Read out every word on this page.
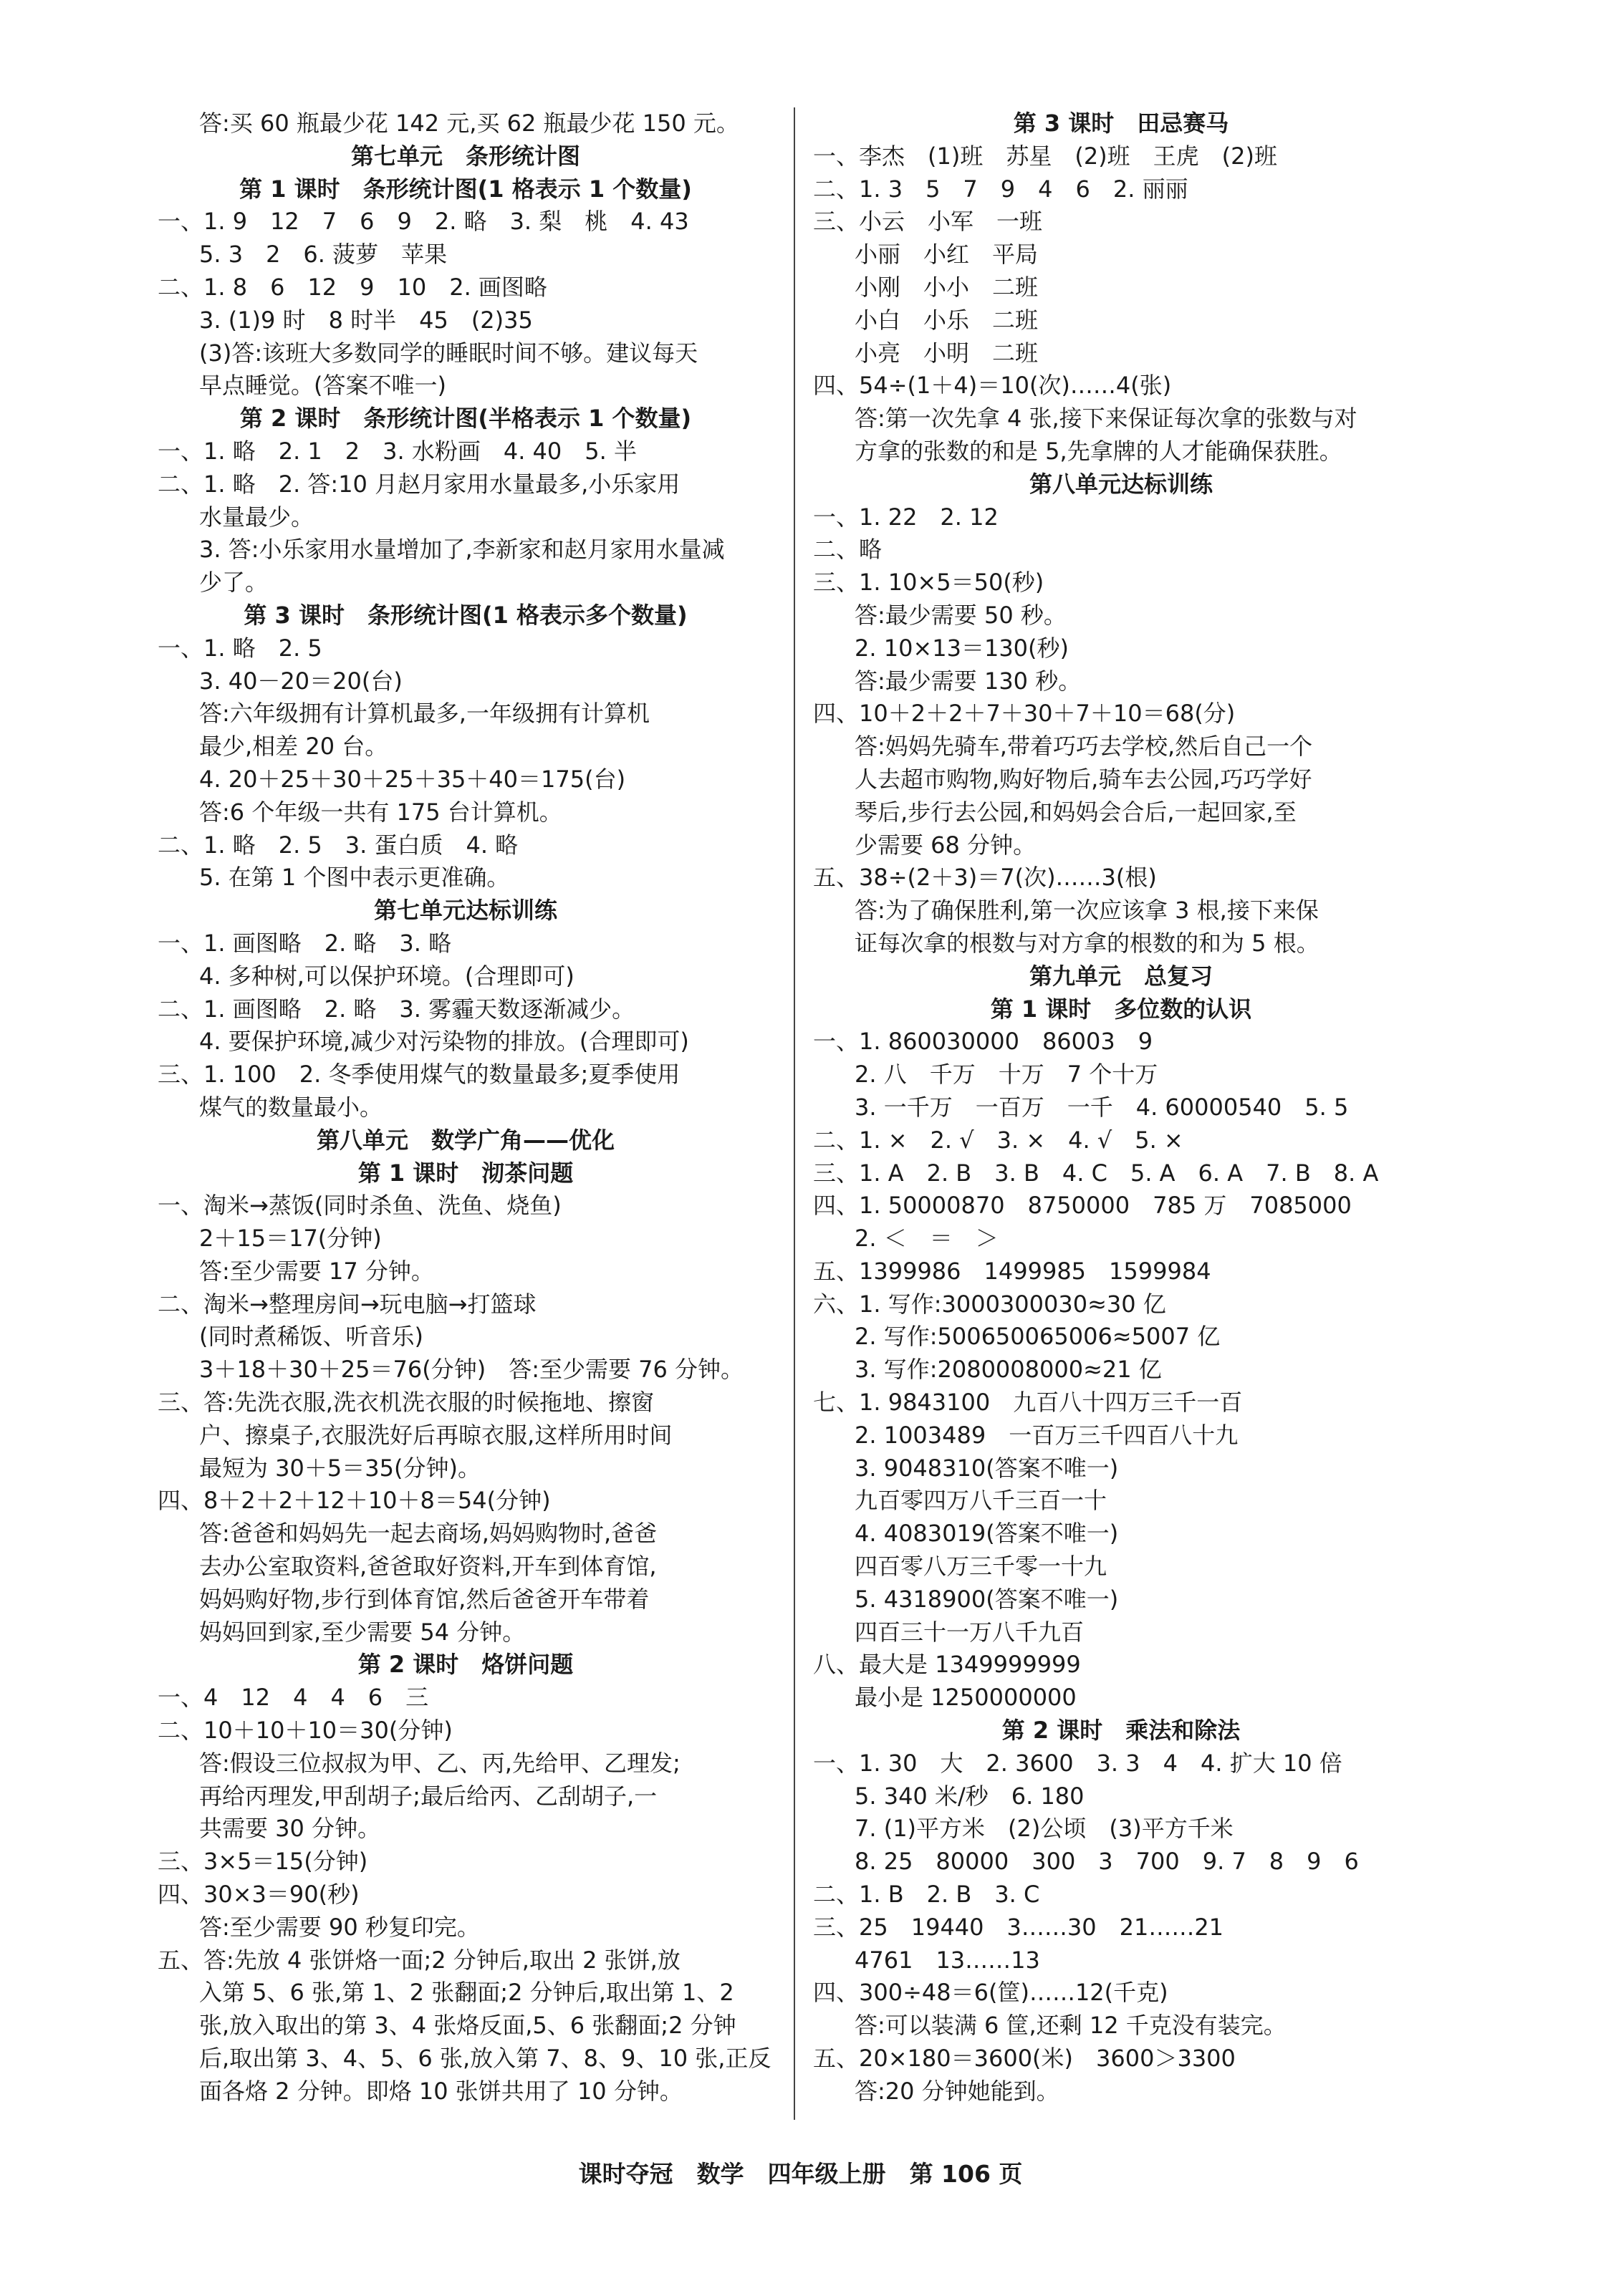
答:买 60 瓶最少花 142 元,买 62 瓶最少花 150 元。
第七单元　条形统计图
第 1 课时　条形统计图(1 格表示 1 个数量)
一、1. 9　12　7　6　9　2. 略　3. 梨　桃　4. 43
5. 3　2　6. 菠萝　苹果
二、1. 8　6　12　9　10　2. 画图略
3. (1)9 时　8 时半　45　(2)35
(3)答:该班大多数同学的睡眠时间不够。建议每天
早点睡觉。(答案不唯一)
第 2 课时　条形统计图(半格表示 1 个数量)
一、1. 略　2. 1　2　3. 水粉画　4. 40　5. 半
二、1. 略　2. 答:10 月赵月家用水量最多,小乐家用
水量最少。
3. 答:小乐家用水量增加了,李新家和赵月家用水量减
少了。
第 3 课时　条形统计图(1 格表示多个数量)
一、1. 略　2. 5
3. 40－20＝20(台)
答:六年级拥有计算机最多,一年级拥有计算机
最少,相差 20 台。
4. 20＋25＋30＋25＋35＋40＝175(台)
答:6 个年级一共有 175 台计算机。
二、1. 略　2. 5　3. 蛋白质　4. 略
5. 在第 1 个图中表示更准确。
第七单元达标训练
一、1. 画图略　2. 略　3. 略
4. 多种树,可以保护环境。(合理即可)
二、1. 画图略　2. 略　3. 雾霾天数逐渐减少。
4. 要保护环境,减少对污染物的排放。(合理即可)
三、1. 100　2. 冬季使用煤气的数量最多;夏季使用
煤气的数量最小。
第八单元　数学广角——优化
第 1 课时　沏茶问题
一、淘米→蒸饭(同时杀鱼、洗鱼、烧鱼)
2＋15＝17(分钟)
答:至少需要 17 分钟。
二、淘米→整理房间→玩电脑→打篮球
(同时煮稀饭、听音乐)
3＋18＋30＋25＝76(分钟)　答:至少需要 76 分钟。
三、答:先洗衣服,洗衣机洗衣服的时候拖地、擦窗
户、擦桌子,衣服洗好后再晾衣服,这样所用时间
最短为 30＋5＝35(分钟)。
四、8＋2＋2＋12＋10＋8＝54(分钟)
答:爸爸和妈妈先一起去商场,妈妈购物时,爸爸
去办公室取资料,爸爸取好资料,开车到体育馆,
妈妈购好物,步行到体育馆,然后爸爸开车带着
妈妈回到家,至少需要 54 分钟。
第 2 课时　烙饼问题
一、4　12　4　4　6　三
二、10＋10＋10＝30(分钟)
答:假设三位叔叔为甲、乙、丙,先给甲、乙理发;
再给丙理发,甲刮胡子;最后给丙、乙刮胡子,一
共需要 30 分钟。
三、3×5＝15(分钟)
四、30×3＝90(秒)
答:至少需要 90 秒复印完。
五、答:先放 4 张饼烙一面;2 分钟后,取出 2 张饼,放
入第 5、6 张,第 1、2 张翻面;2 分钟后,取出第 1、2
张,放入取出的第 3、4 张烙反面,5、6 张翻面;2 分钟
后,取出第 3、4、5、6 张,放入第 7、8、9、10 张,正反
面各烙 2 分钟。即烙 10 张饼共用了 10 分钟。
第 3 课时　田忌赛马
一、李杰　(1)班　苏星　(2)班　王虎　(2)班
二、1. 3　5　7　9　4　6　2. 丽丽
三、小云　小军　一班
小丽　小红　平局
小刚　小小　二班
小白　小乐　二班
小亮　小明　二班
四、54÷(1＋4)＝10(次)……4(张)
答:第一次先拿 4 张,接下来保证每次拿的张数与对
方拿的张数的和是 5,先拿牌的人才能确保获胜。
第八单元达标训练
一、1. 22　2. 12
二、略
三、1. 10×5＝50(秒)
答:最少需要 50 秒。
2. 10×13＝130(秒)
答:最少需要 130 秒。
四、10＋2＋2＋7＋30＋7＋10＝68(分)
答:妈妈先骑车,带着巧巧去学校,然后自己一个
人去超市购物,购好物后,骑车去公园,巧巧学好
琴后,步行去公园,和妈妈会合后,一起回家,至
少需要 68 分钟。
五、38÷(2＋3)＝7(次)……3(根)
答:为了确保胜利,第一次应该拿 3 根,接下来保
证每次拿的根数与对方拿的根数的和为 5 根。
第九单元　总复习
第 1 课时　多位数的认识
一、1. 860030000　86003　9
2. 八　千万　十万　7 个十万
3. 一千万　一百万　一千　4. 60000540　5. 5
二、1. ×　2. √　3. ×　4. √　5. ×
三、1. A　2. B　3. B　4. C　5. A　6. A　7. B　8. A
四、1. 50000870　8750000　785 万　7085000
2. ＜　＝　＞
五、1399986　1499985　1599984
六、1. 写作:3000300030≈30 亿
2. 写作:500650065006≈5007 亿
3. 写作:2080008000≈21 亿
七、1. 9843100　九百八十四万三千一百
2. 1003489　一百万三千四百八十九
3. 9048310(答案不唯一)
九百零四万八千三百一十
4. 4083019(答案不唯一)
四百零八万三千零一十九
5. 4318900(答案不唯一)
四百三十一万八千九百
八、最大是 1349999999
最小是 1250000000
第 2 课时　乘法和除法
一、1. 30　大　2. 3600　3. 3　4　4. 扩大 10 倍
5. 340 米/秒　6. 180
7. (1)平方米　(2)公顷　(3)平方千米
8. 25　80000　300　3　700　9. 7　8　9　6
二、1. B　2. B　3. C
三、25　19440　3……30　21……21
4761　13……13
四、300÷48＝6(筐)……12(千克)
答:可以装满 6 筐,还剩 12 千克没有装完。
五、20×180＝3600(米)　3600＞3300
答:20 分钟她能到。
课时夺冠　数学　四年级上册　第 106 页
